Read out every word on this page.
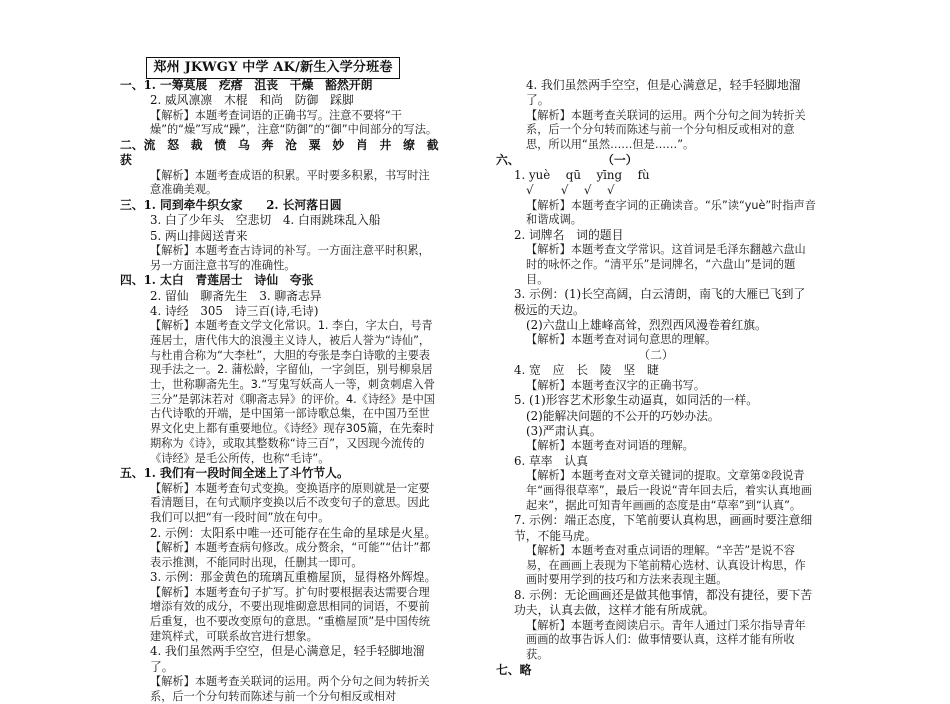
郑州 JKWGY 中学 AK/新生入学分班卷

一、1. 一筹莫展　疙瘩　沮丧　干燥　豁然开朗

2. 威风凛凛　木棍　和尚　防御　踩脚

【解析】本题考查词语的正确书写。注意不要将“干燥”的“燥”写成“躁”，注意“防御”的“御”中间部分的写法。

二、流　怒　裁　愤　乌　奔　沧　粟　妙　肖　井　缭　截　获

【解析】本题考查成语的积累。平时要多积累，书写时注意准确美观。

三、1. 同到牵牛织女家　　2. 长河落日圆

3. 白了少年头　空悲切　4. 白雨跳珠乱入船

5. 两山排闼送青来

【解析】本题考查古诗词的补写。一方面注意平时积累，另一方面注意书写的准确性。

四、1. 太白　青莲居士　诗仙　夸张

2. 留仙　聊斋先生　3. 聊斋志异

4. 诗经　305　诗三百(诗,毛诗)

【解析】本题考查文学文化常识。1. 李白，字太白，号青莲居士，唐代伟大的浪漫主义诗人，被后人誉为“诗仙”，与杜甫合称为“大李杜”，大胆的夸张是李白诗歌的主要表现手法之一。2. 蒲松龄，字留仙，一字剑臣，别号柳泉居士，世称聊斋先生。3.“写鬼写妖高人一等，刺贪刺虐入骨三分”是郭沫若对《聊斋志异》的评价。4.《诗经》是中国古代诗歌的开端，是中国第一部诗歌总集，在中国乃至世界文化史上都有重要地位。《诗经》现存305篇，在先秦时期称为《诗》，或取其整数称“诗三百”，又因现今流传的《诗经》是毛公所传，也称“毛诗”。

五、1. 我们有一段时间全迷上了斗竹节人。

【解析】本题考查句式变换。变换语序的原则就是一定要看清题目，在句式顺序变换以后不改变句子的意思。因此我们可以把“有一段时间”放在句中。

2. 示例：太阳系中唯一还可能存在生命的星球是火星。

【解析】本题考查病句修改。成分赘余，“可能”“估计”都表示推测，不能同时出现，任删其一即可。

3. 示例：那金黄色的琉璃瓦重檐屋顶，显得格外辉煌。

【解析】本题考查句子扩写。扩句时要根据表达需要合理增添有效的成分，不要出现堆砌意思相同的词语，不要前后重复，也不要改变原句的意思。“重檐屋顶”是中国传统建筑样式，可联系故宫进行想象。

4. 我们虽然两手空空，但是心满意足，轻手轻脚地溜了。

【解析】本题考查关联词的运用。两个分句之间为转折关系，后一个分句转而陈述与前一个分句相反或相对

4. 我们虽然两手空空，但是心满意足，轻手轻脚地溜了。

【解析】本题考查关联词的运用。两个分句之间为转折关系，后一个分句转而陈述与前一个分句相反或相对的意思，所以用“虽然……但是……”。

六、　　　　　　　　（一）

1. yuè　 qū　 yīng　 fù

√　　 √　 √　 √

【解析】本题考查字词的正确读音。“乐”读“yuè”时指声音和谐成调。

2. 词牌名　词的题目

【解析】本题考查文学常识。这首词是毛泽东翻越六盘山时的咏怀之作。“清平乐”是词牌名，“六盘山”是词的题目。

3. 示例：(1)长空高阔，白云清朗，南飞的大雁已飞到了极远的天边。

(2)六盘山上雄峰高耸，烈烈西风漫卷着红旗。

【解析】本题考查对词句意思的理解。

（二）

4. 宽　应　长　陵　坚　睫

【解析】本题考查汉字的正确书写。

5. (1)形容艺术形象生动逼真，如同活的一样。

(2)能解决问题的不公开的巧妙办法。

(3)严肃认真。

【解析】本题考查对词语的理解。

6. 草率　认真

【解析】本题考查对文章关键词的提取。文章第②段说青年“画得很草率”，最后一段说“青年回去后，着实认真地画起来”，据此可知青年画画的态度是由“草率”到“认真”。

7. 示例：端正态度，下笔前要认真构思，画画时要注意细节，不能马虎。

【解析】本题考查对重点词语的理解。“辛苦”是说不容易，在画画上表现为下笔前精心选材、认真设计构思，作画时要用学到的技巧和方法来表现主题。

8. 示例：无论画画还是做其他事情，都没有捷径，要下苦功夫，认真去做，这样才能有所成就。

【解析】本题考查阅读启示。青年人通过门采尔指导青年画画的故事告诉人们：做事情要认真，这样才能有所收获。

七、略
